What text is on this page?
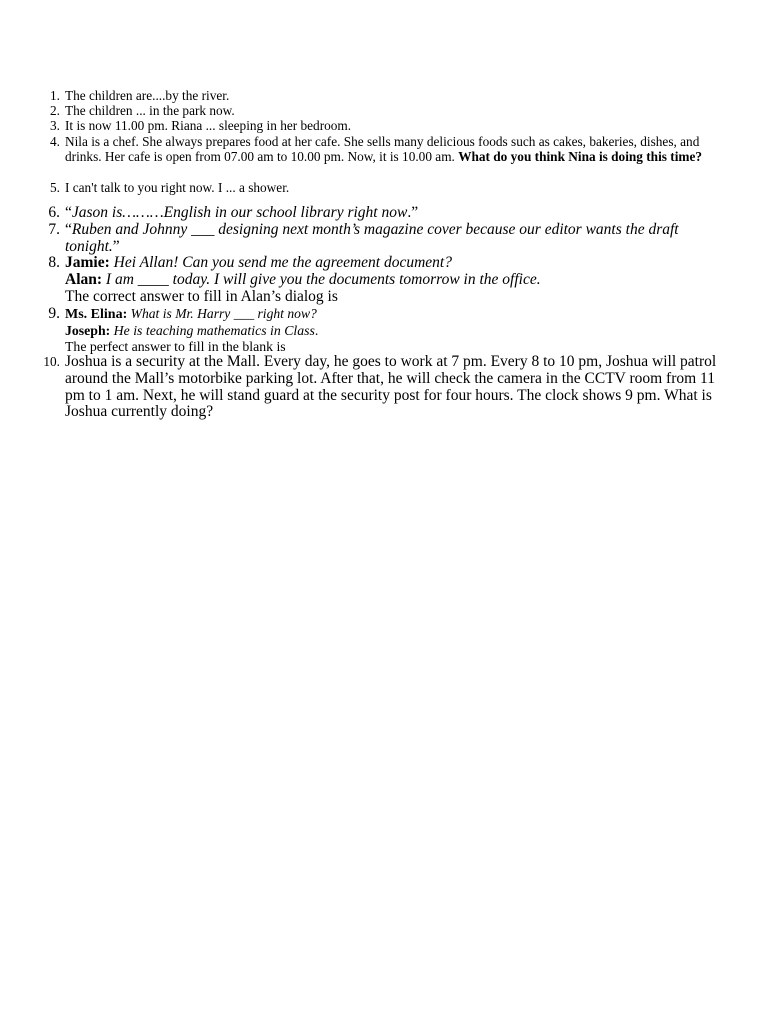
1. The children are....by the river.
2. The children ... in the park now.
3. It is now 11.00 pm. Riana ... sleeping in her bedroom.
4. Nila is a chef. She always prepares food at her cafe. She sells many delicious foods such as cakes, bakeries, dishes, and drinks. Her cafe is open from 07.00 am to 10.00 pm. Now, it is 10.00 am. What do you think Nina is doing this time?
5. I can't talk to you right now. I ... a shower.
6. “Jason is………English in our school library right now.”
7. “Ruben and Johnny ___ designing next month’s magazine cover because our editor wants the draft tonight.”
8. Jamie: Hei Allan! Can you send me the agreement document?
Alan: I am ____ today. I will give you the documents tomorrow in the office.
The correct answer to fill in Alan’s dialog is
9. Ms. Elina: What is Mr. Harry ___ right now?
Joseph: He is teaching mathematics in Class.
The perfect answer to fill in the blank is
10. Joshua is a security at the Mall. Every day, he goes to work at 7 pm. Every 8 to 10 pm, Joshua will patrol around the Mall’s motorbike parking lot. After that, he will check the camera in the CCTV room from 11 pm to 1 am. Next, he will stand guard at the security post for four hours. The clock shows 9 pm. What is Joshua currently doing?
